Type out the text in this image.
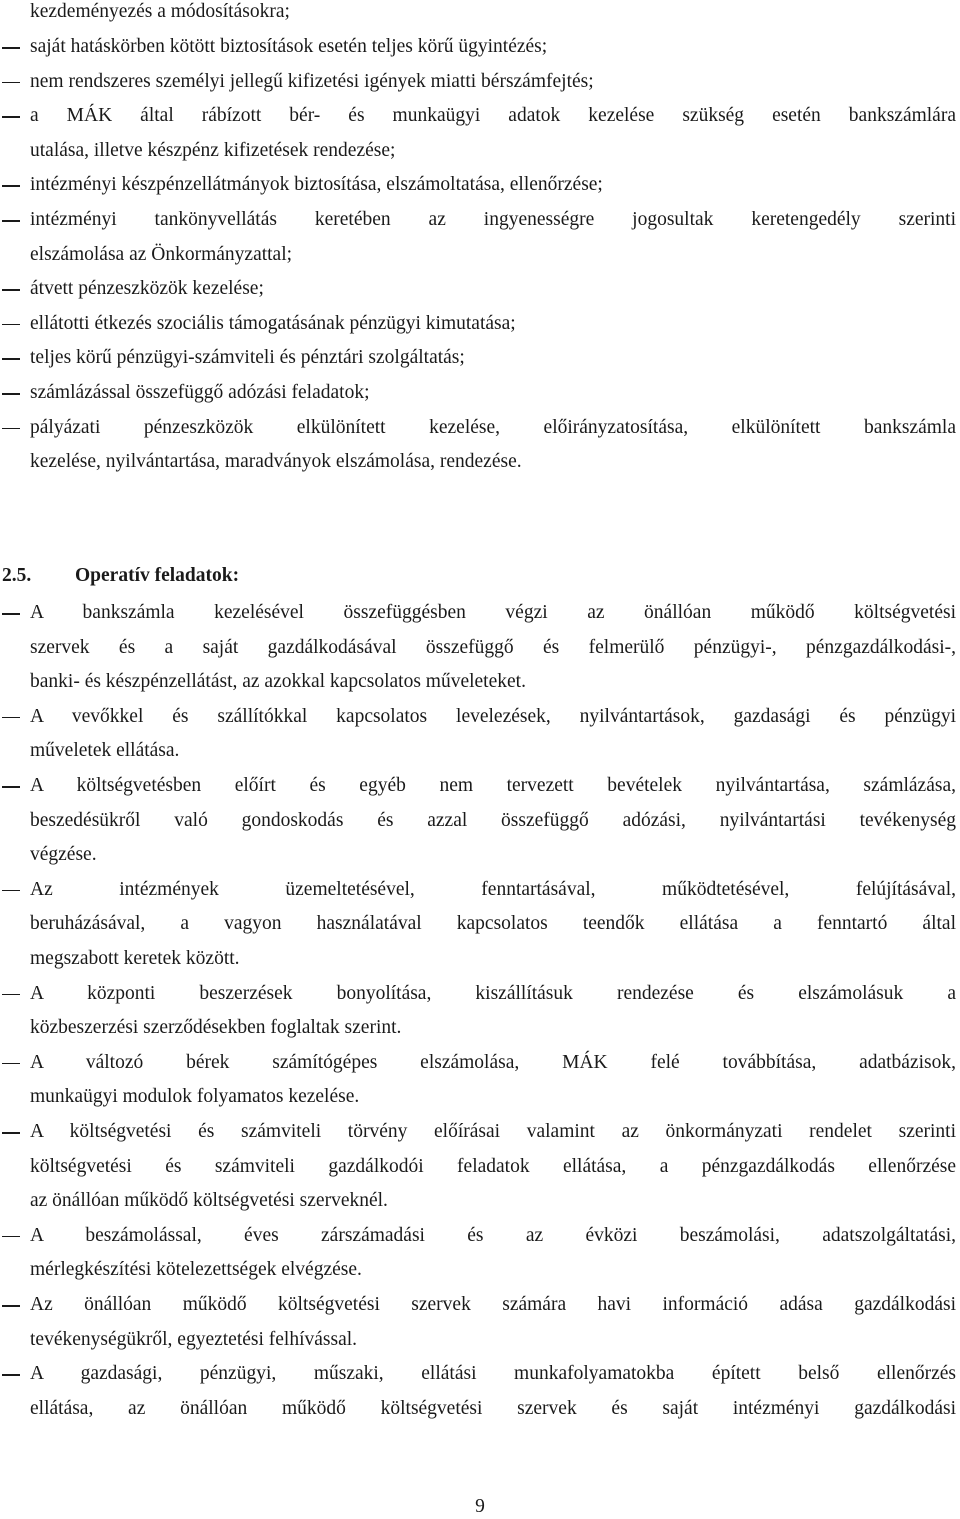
kezdeményezés a módosításokra;
saját hatáskörben kötött biztosítások esetén teljes körű ügyintézés;
nem rendszeres személyi jellegű kifizetési igények miatti bérszámfejtés;
a MÁK által rábízott bér- és munkaügyi adatok kezelése szükség esetén bankszámlára
utalása, illetve készpénz kifizetések rendezése;
intézményi készpénzellátmányok biztosítása, elszámoltatása, ellenőrzése;
intézményi tankönyvellátás keretében az ingyenességre jogosultak keretengedély szerinti
elszámolása az Önkormányzattal;
átvett pénzeszközök kezelése;
ellátotti étkezés szociális támogatásának pénzügyi kimutatása;
teljes körű pénzügyi-számviteli és pénztári szolgáltatás;
számlázással összefüggő adózási feladatok;
pályázati pénzeszközök elkülönített kezelése, előirányzatosítása, elkülönített bankszámla
kezelése, nyilvántartása, maradványok elszámolása, rendezése.
2.5. Operatív feladatok:
A bankszámla kezelésével összefüggésben végzi az önállóan működő költségvetési
szervek és a saját gazdálkodásával összefüggő és felmerülő pénzügyi-, pénzgazdálkodási-,
banki- és készpénzellátást, az azokkal kapcsolatos műveleteket.
A vevőkkel és szállítókkal kapcsolatos levelezések, nyilvántartások, gazdasági és pénzügyi
műveletek ellátása.
A költségvetésben előírt és egyéb nem tervezett bevételek nyilvántartása, számlázása,
beszedésükről való gondoskodás és azzal összefüggő adózási, nyilvántartási tevékenység
végzése.
Az intézmények üzemeltetésével, fenntartásával, működtetésével, felújításával,
beruházásával, a vagyon használatával kapcsolatos teendők ellátása a fenntartó által
megszabott keretek között.
A központi beszerzések bonyolítása, kiszállításuk rendezése és elszámolásuk a
közbeszerzési szerződésekben foglaltak szerint.
A változó bérek számítógépes elszámolása, MÁK felé továbbítása, adatbázisok,
munkaügyi modulok folyamatos kezelése.
A költségvetési és számviteli törvény előírásai valamint az önkormányzati rendelet szerinti
költségvetési és számviteli gazdálkodói feladatok ellátása, a pénzgazdálkodás ellenőrzése
az önállóan működő költségvetési szerveknél.
A beszámolással, éves zárszámadási és az évközi beszámolási, adatszolgáltatási,
mérlegkészítési kötelezettségek elvégzése.
Az önállóan működő költségvetési szervek számára havi információ adása gazdálkodási
tevékenységükről, egyeztetési felhívással.
A gazdasági, pénzügyi, műszaki, ellátási munkafolyamatokba épített belső ellenőrzés
ellátása, az önállóan működő költségvetési szervek és saját intézményi gazdálkodási
9
